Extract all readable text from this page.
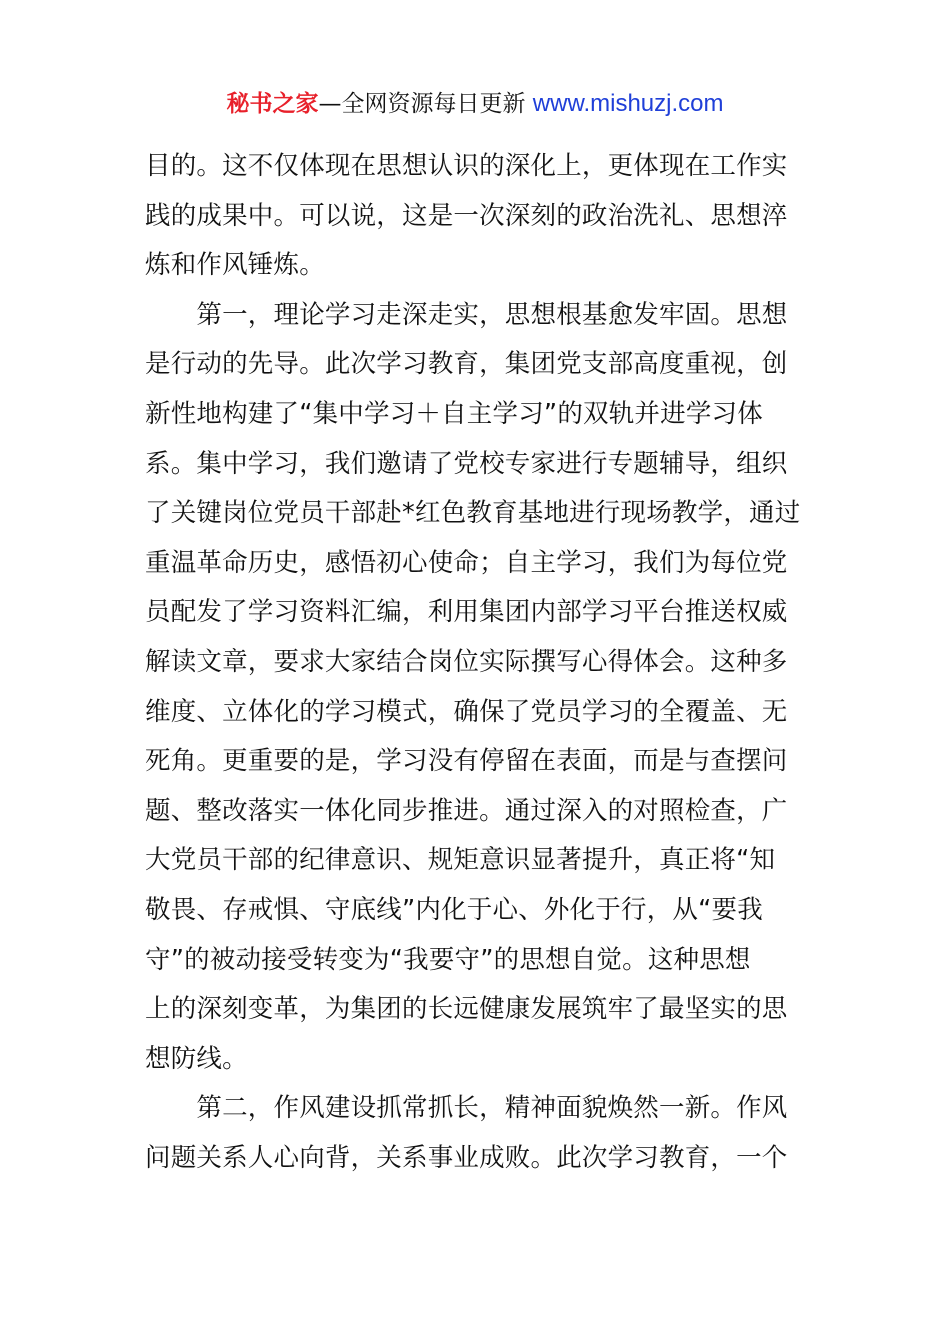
秘书之家—全网资源每日更新 www.mishuzj.com
目的。这不仅体现在思想认识的深化上，更体现在工作实
践的成果中。可以说，这是一次深刻的政治洗礼、思想淬
炼和作风锤炼。
　　第一，理论学习走深走实，思想根基愈发牢固。思想
是行动的先导。此次学习教育，集团党支部高度重视，创
新性地构建了“集中学习＋自主学习”的双轨并进学习体
系。集中学习，我们邀请了党校专家进行专题辅导，组织
了关键岗位党员干部赴*红色教育基地进行现场教学，通过
重温革命历史，感悟初心使命；自主学习，我们为每位党
员配发了学习资料汇编，利用集团内部学习平台推送权威
解读文章，要求大家结合岗位实际撰写心得体会。这种多
维度、立体化的学习模式，确保了党员学习的全覆盖、无
死角。更重要的是，学习没有停留在表面，而是与查摆问
题、整改落实一体化同步推进。通过深入的对照检查，广
大党员干部的纪律意识、规矩意识显著提升，真正将“知
敬畏、存戒惧、守底线”内化于心、外化于行，从“要我
守”的被动接受转变为“我要守”的思想自觉。这种思想
上的深刻变革，为集团的长远健康发展筑牢了最坚实的思
想防线。
　　第二，作风建设抓常抓长，精神面貌焕然一新。作风
问题关系人心向背，关系事业成败。此次学习教育，一个
